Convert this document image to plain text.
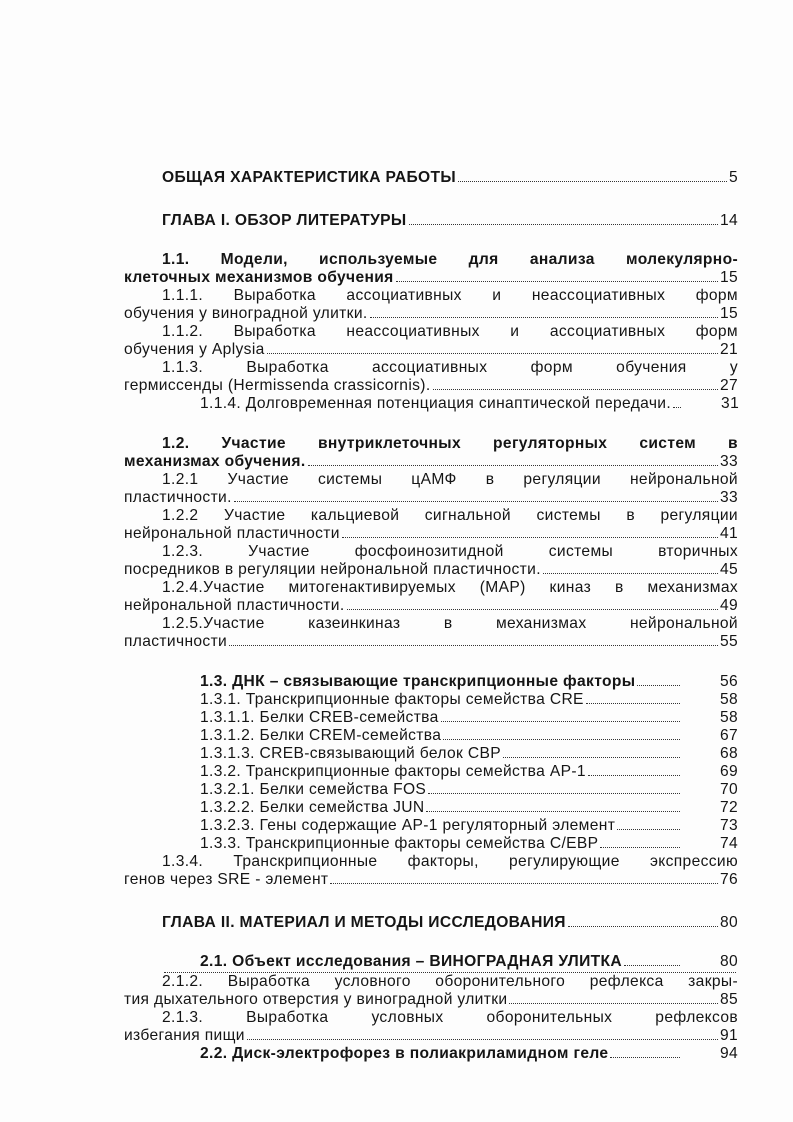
ОБЩАЯ ХАРАКТЕРИСТИКА РАБОТЫ	5
ГЛАВА I. ОБЗОР ЛИТЕРАТУРЫ	14
1.1. Модели, используемые для анализа молекулярно-
клеточных механизмов обучения	15
1.1.1. Выработка ассоциативных и неассоциативных форм
обучения у виноградной улитки.	15
1.1.2. Выработка неассоциативных и ассоциативных форм
обучения у Aplysia	21
1.1.3. Выработка ассоциативных форм обучения у
гермиссенды (Hermissenda crassicornis).	27
1.1.4. Долговременная потенциация синаптической передачи.	31
1.2. Участие внутриклеточных регуляторных систем в
механизмах обучения.	33
1.2.1 Участие системы цАМФ в регуляции нейрональной
пластичности.	33
1.2.2 Участие кальциевой сигнальной системы в регуляции
нейрональной пластичности	41
1.2.3. Участие фосфоинозитидной системы вторичных
посредников в регуляции нейрональной пластичности.	45
1.2.4.Участие митогенактивируемых (MAP) киназ в механизмах
нейрональной пластичности.	49
1.2.5.Участие казеинкиназ в механизмах нейрональной
пластичности	55
1.3. ДНК – связывающие транскрипционные факторы	56
1.3.1. Транскрипционные факторы семейства CRE	58
1.3.1.1. Белки CREB-семейства	58
1.3.1.2. Белки CREM-семейства	67
1.3.1.3. CREB-связывающий белок CBP	68
1.3.2. Транскрипционные факторы семейства AP-1	69
1.3.2.1. Белки семейства FOS	70
1.3.2.2. Белки семейства JUN	72
1.3.2.3. Гены содержащие AP-1 регуляторный элемент	73
1.3.3. Транскрипционные факторы семейства C/EBP	74
1.3.4. Транскрипционные факторы, регулирующие экспрессию
генов через SRE - элемент	76
ГЛАВА II. МАТЕРИАЛ И МЕТОДЫ ИССЛЕДОВАНИЯ	80
2.1. Объект исследования – ВИНОГРАДНАЯ УЛИТКА	80
2.1.2. Выработка условного оборонительного рефлекса закры-
тия дыхательного отверстия у виноградной улитки	85
2.1.3. Выработка условных оборонительных рефлексов
избегания пищи	91
2.2. Диск-электрофорез в полиакриламидном геле	94
